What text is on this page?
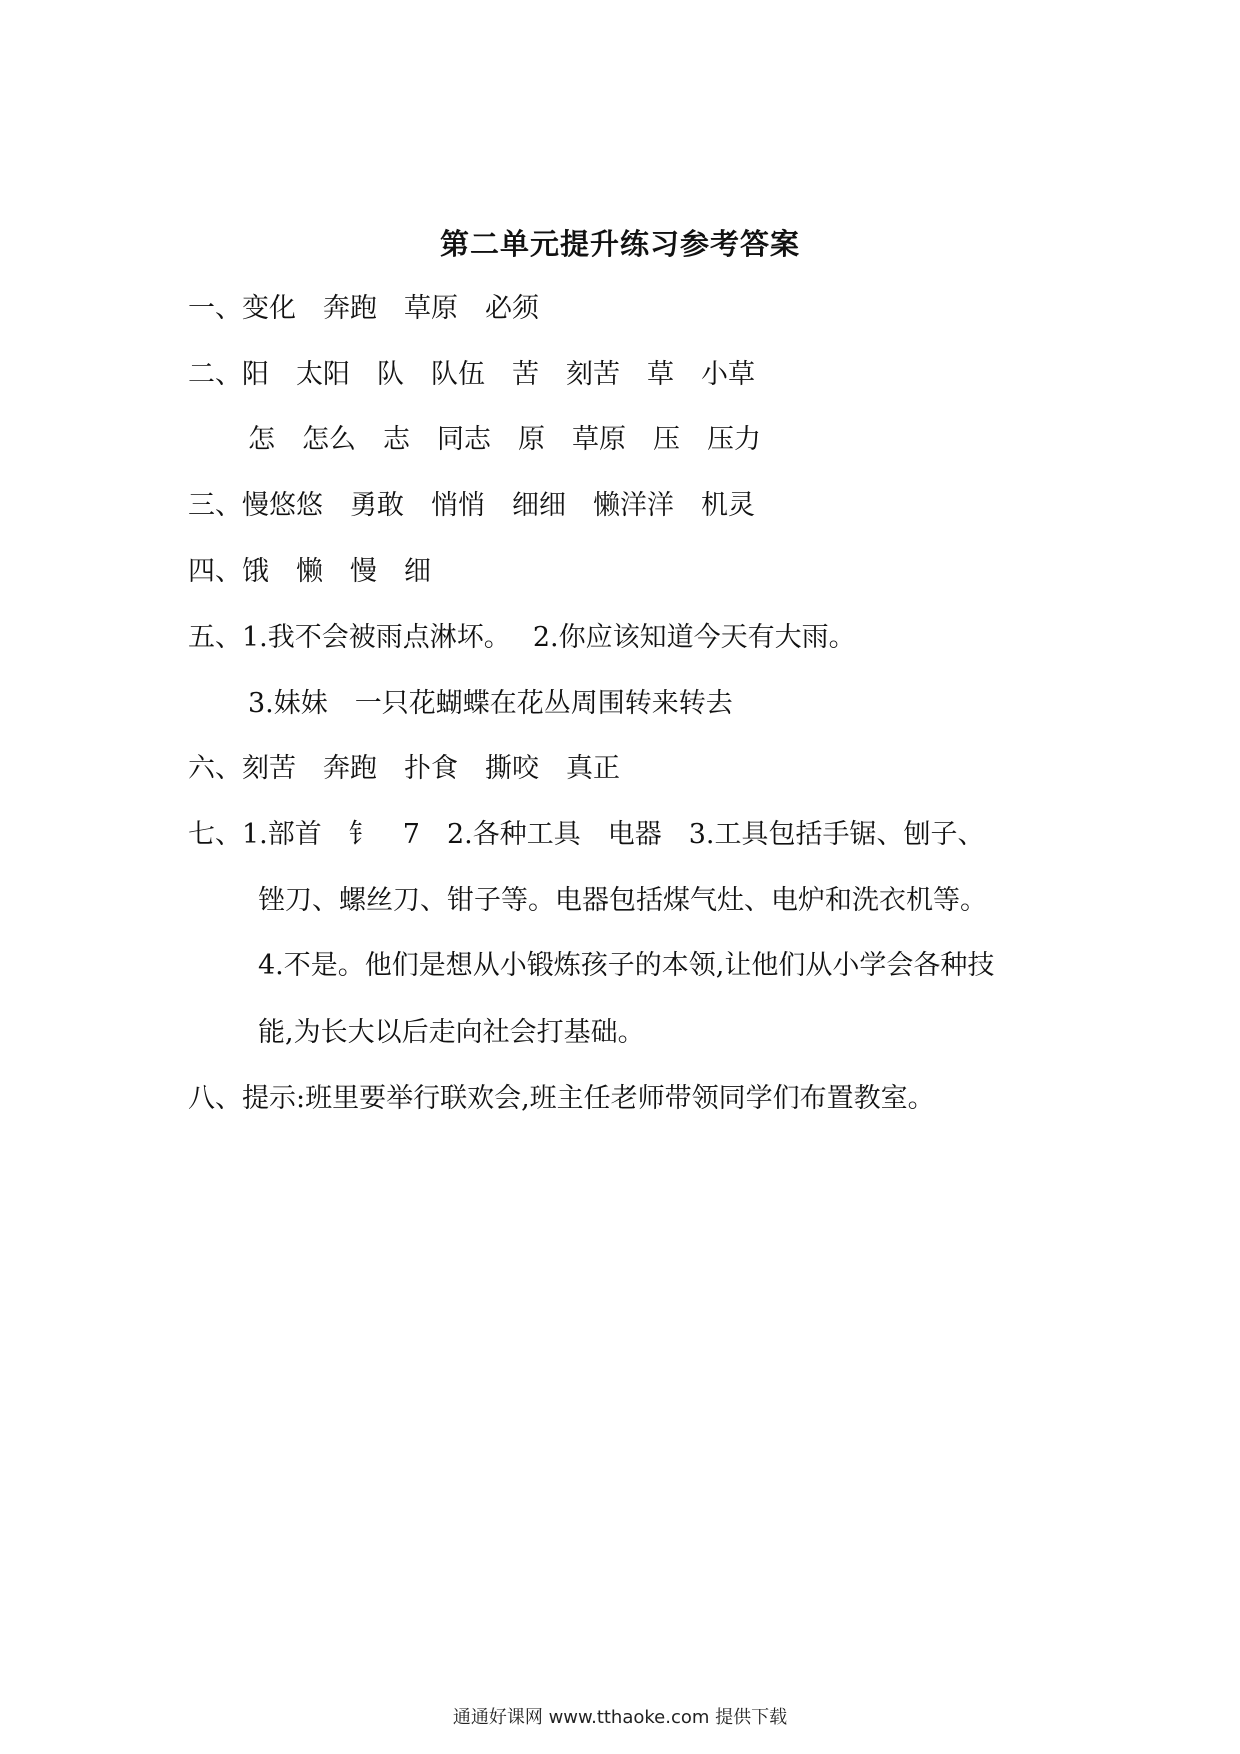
第二单元提升练习参考答案
一、变化　奔跑　草原　必须
二、阳　太阳　队　队伍　苦　刻苦　草　小草
怎　怎么　志　同志　原　草原　压　压力
三、慢悠悠　勇敢　悄悄　细细　懒洋洋　机灵
四、饿　懒　慢　细
五、1.我不会被雨点淋坏。　 2.你应该知道今天有大雨。
3.妹妹　一只花蝴蝶在花丛周围转来转去
六、刻苦　奔跑　扑食　撕咬　真正
七、1.部首　钅　7　2.各种工具　电器　3.工具包括手锯、刨子、
锉刀、螺丝刀、钳子等。电器包括煤气灶、电炉和洗衣机等。
4.不是。他们是想从小锻炼孩子的本领,让他们从小学会各种技
能,为长大以后走向社会打基础。
八、提示:班里要举行联欢会,班主任老师带领同学们布置教室。
通通好课网 www.tthaoke.com 提供下载
